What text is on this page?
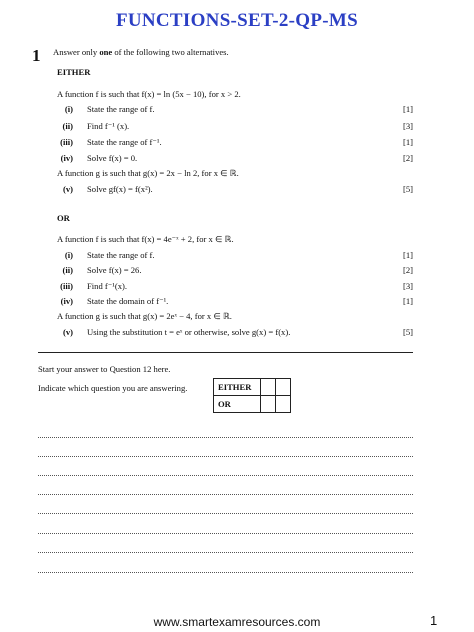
FUNCTIONS-SET-2-QP-MS
1 Answer only one of the following two alternatives.
EITHER
A function f is such that f(x) = ln (5x − 10), for x > 2.
(i) State the range of f.	[1]
(ii) Find f⁻¹ (x).	[3]
(iii) State the range of f⁻¹.	[1]
(iv) Solve f(x) = 0.	[2]
A function g is such that g(x) = 2x − ln 2, for x ∈ ℝ.
(v) Solve gf(x) = f(x²).	[5]
OR
A function f is such that f(x) = 4e⁻ˣ + 2, for x ∈ ℝ.
(i) State the range of f.	[1]
(ii) Solve f(x) = 26.	[2]
(iii) Find f⁻¹(x).	[3]
(iv) State the domain of f⁻¹.	[1]
A function g is such that g(x) = 2eˣ − 4, for x ∈ ℝ.
(v) Using the substitution t = eˣ or otherwise, solve g(x) = f(x).	[5]
Start your answer to Question 12 here.
Indicate which question you are answering.	EITHER		
OR		
www.smartexamresources.com	1
